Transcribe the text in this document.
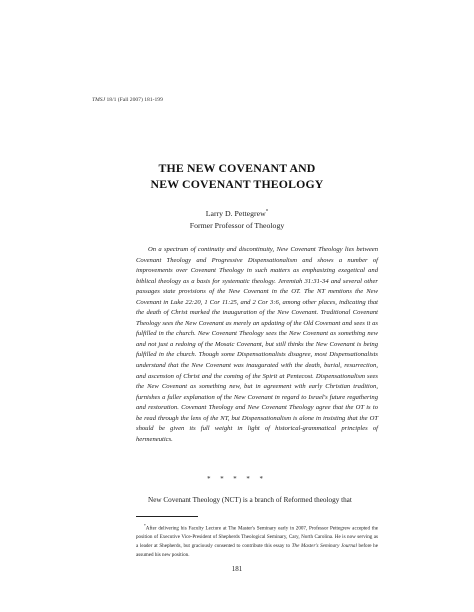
TMSJ 18/1 (Fall 2007) 181-199
THE NEW COVENANT AND
NEW COVENANT THEOLOGY
Larry D. Pettegrew*
Former Professor of Theology

On a spectrum of continuity and discontinuity, New Covenant Theology lies between Covenant Theology and Progressive Dispensationalism and shows a number of improvements over Covenant Theology in such matters as emphasizing exegetical and biblical theology as a basis for systematic theology. Jeremiah 31:31-34 and several other passages state provisions of the New Covenant in the OT. The NT mentions the New Covenant in Luke 22:20, 1 Cor 11:25, and 2 Cor 3:6, among other places, indicating that the death of Christ marked the inauguration of the New Covenant. Traditional Covenant Theology sees the New Covenant as merely an updating of the Old Covenant and sees it as fulfilled in the church. New Covenant Theology sees the New Covenant as something new and not just a redoing of the Mosaic Covenant, but still thinks the New Covenant is being fulfilled in the church. Though some Dispensationalists disagree, most Dispensationalists understand that the New Covenant was inaugurated with the death, burial, resurrection, and ascension of Christ and the coming of the Spirit at Pentecost. Dispensationalism sees the New Covenant as something new, but in agreement with early Christian tradition, furnishes a fuller explanation of the New Covenant in regard to Israel's future regathering and restoration. Covenant Theology and New Covenant Theology agree that the OT is to be read through the lens of the NT, but Dispensationalism is alone in insisting that the OT should be given its full weight in light of historical-grammatical principles of hermeneutics.

* * * * *
New Covenant Theology (NCT) is a branch of Reformed theology that

*After delivering his Faculty Lecture at The Master's Seminary early in 2007, Professor Pettegrew accepted the position of Executive Vice-President of Shepherds Theological Seminary, Cary, North Carolina. He is now serving as a leader at Shepherds, but graciously consented to contribute this essay to The Master's Seminary Journal before he assumed his new position.

181
